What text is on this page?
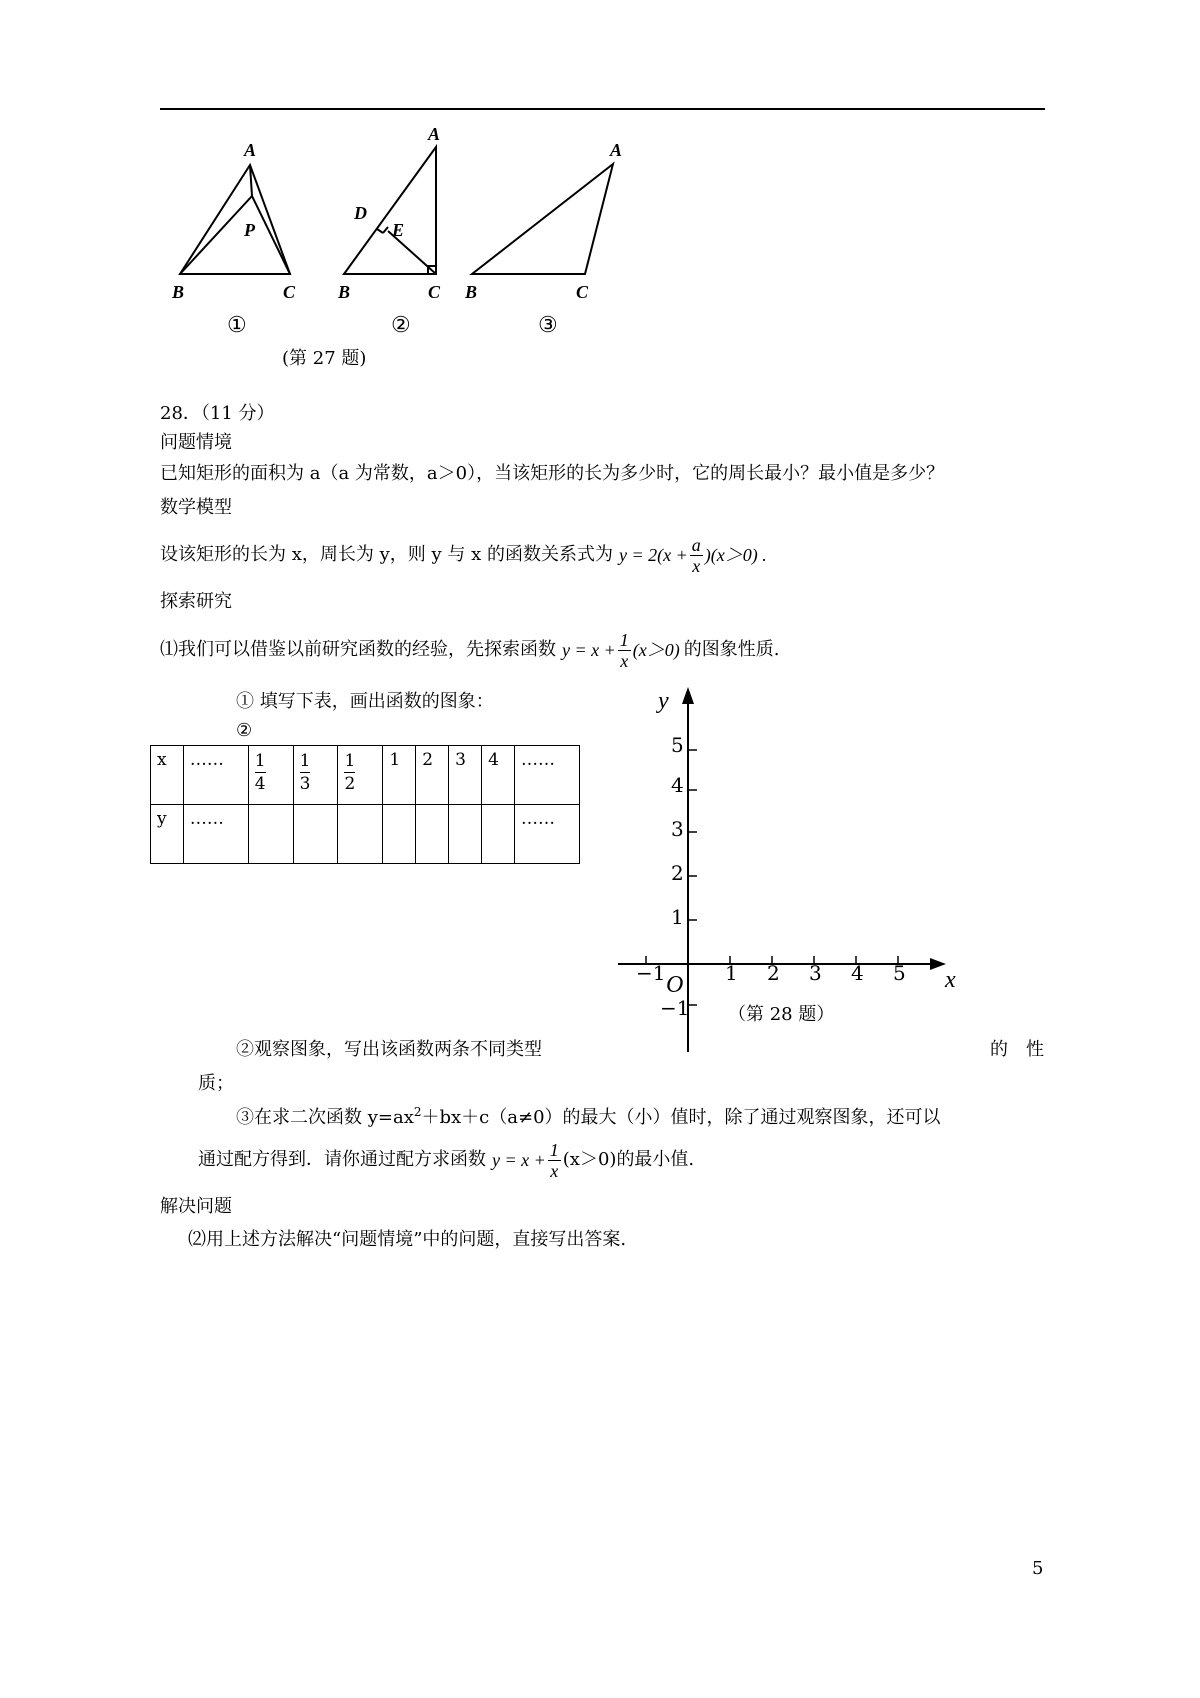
A
P
B	C
A
D
E
B	C
A
B	C
①	②	③
(第 27 题)
28．（11 分）
问题情境
已知矩形的面积为 a（a 为常数，a＞0），当该矩形的长为多少时，它的周长最小？最小值是多少？
数学模型
设该矩形的长为 x，周长为 y，则 y 与 x 的函数关系式为 $y = 2(x + \frac{a}{x} )(x>0)$ .
探索研究
⑴我们可以借鉴以前研究函数的经验，先探索函数 $y = x + \frac{1}{x} (x>0)$ 的图象性质.
① 填写下表，画出函数的图象：
②
x	……	$\frac{1}{4}$	$\frac{1}{3}$	$\frac{1}{2}$	1	2	3	4	……
y	……								……
y
x
O
5
4
3
2
1
1 2 3 4 5
−1
−1 （第 28 题）
②观察图象，写出该函数两条不同类型	的　性
质；
③在求二次函数 $y=ax^2+bx+c(a\ne 0)$的最大（小）值时，除了通过观察图象，还可以
通过配方得到．请你通过配方求函数 $y = x + \frac{1}{x} (x>0)$ 的最小值.
解决问题
⑵用上述方法解决“问题情境”中的问题，直接写出答案.
5
